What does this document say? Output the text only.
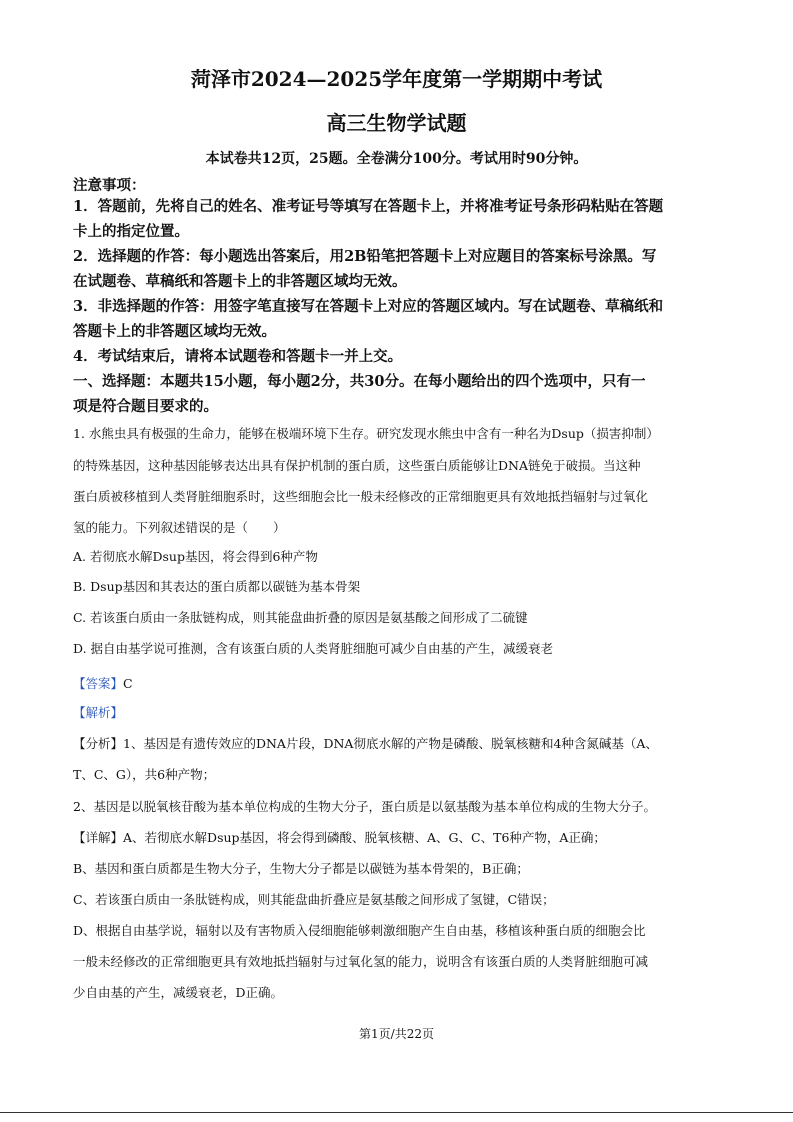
菏泽市2024—2025学年度第一学期期中考试
高三生物学试题
本试卷共12页，25题。全卷满分100分。考试用时90分钟。
注意事项：
1．答题前，先将自己的姓名、准考证号等填写在答题卡上，并将准考证号条形码粘贴在答题
卡上的指定位置。
2．选择题的作答：每小题选出答案后，用2B铅笔把答题卡上对应题目的答案标号涂黑。写
在试题卷、草稿纸和答题卡上的非答题区域均无效。
3．非选择题的作答：用签字笔直接写在答题卡上对应的答题区域内。写在试题卷、草稿纸和
答题卡上的非答题区域均无效。
4．考试结束后，请将本试题卷和答题卡一并上交。
一、选择题：本题共15小题，每小题2分，共30分。在每小题给出的四个选项中，只有一
项是符合题目要求的。
1. 水熊虫具有极强的生命力，能够在极端环境下生存。研究发现水熊虫中含有一种名为Dsup（损害抑制）
的特殊基因，这种基因能够表达出具有保护机制的蛋白质，这些蛋白质能够让DNA链免于破损。当这种
蛋白质被移植到人类肾脏细胞系时，这些细胞会比一般未经修改的正常细胞更具有效地抵挡辐射与过氧化
氢的能力。下列叙述错误的是（　　）
A. 若彻底水解Dsup基因，将会得到6种产物
B. Dsup基因和其表达的蛋白质都以碳链为基本骨架
C. 若该蛋白质由一条肽链构成，则其能盘曲折叠的原因是氨基酸之间形成了二硫键
D. 据自由基学说可推测，含有该蛋白质的人类肾脏细胞可减少自由基的产生，减缓衰老
【答案】C
【解析】
【分析】1、基因是有遗传效应的DNA片段，DNA彻底水解的产物是磷酸、脱氧核糖和4种含氮碱基（A、
T、C、G），共6种产物；
2、基因是以脱氧核苷酸为基本单位构成的生物大分子，蛋白质是以氨基酸为基本单位构成的生物大分子。
【详解】A、若彻底水解Dsup基因，将会得到磷酸、脱氧核糖、A、G、C、T6种产物，A正确；
B、基因和蛋白质都是生物大分子，生物大分子都是以碳链为基本骨架的，B正确；
C、若该蛋白质由一条肽链构成，则其能盘曲折叠应是氨基酸之间形成了氢键，C错误；
D、根据自由基学说，辐射以及有害物质入侵细胞能够刺激细胞产生自由基，移植该种蛋白质的细胞会比
一般未经修改的正常细胞更具有效地抵挡辐射与过氧化氢的能力，说明含有该蛋白质的人类肾脏细胞可减
少自由基的产生，减缓衰老，D正确。
第1页/共22页
